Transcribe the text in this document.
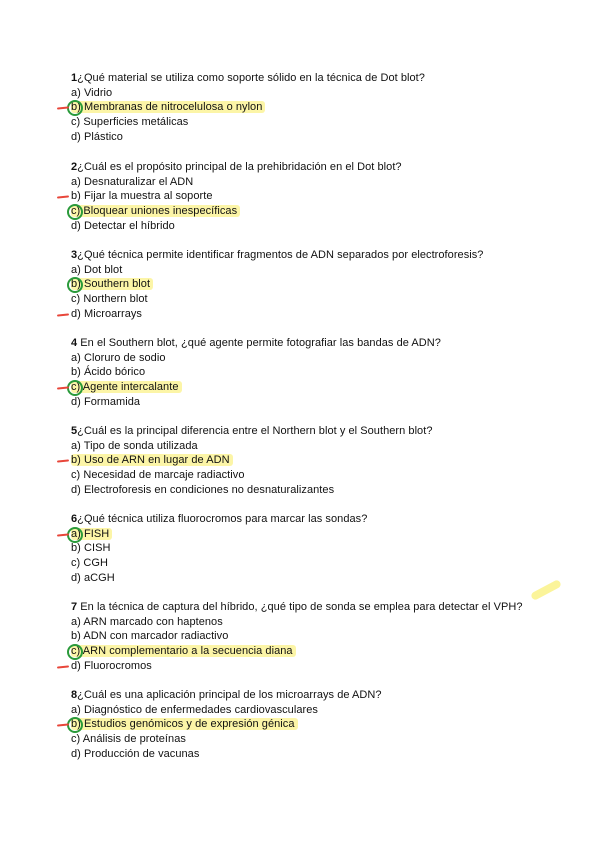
1¿Qué material se utiliza como soporte sólido en la técnica de Dot blot?
a) Vidrio
b) Membranas de nitrocelulosa o nylon
c) Superficies metálicas
d) Plástico
2¿Cuál es el propósito principal de la prehibridación en el Dot blot?
a) Desnaturalizar el ADN
b) Fijar la muestra al soporte
c) Bloquear uniones inespecíficas
d) Detectar el híbrido
3¿Qué técnica permite identificar fragmentos de ADN separados por electroforesis?
a) Dot blot
b) Southern blot
c) Northern blot
d) Microarrays
4 En el Southern blot, ¿qué agente permite fotografiar las bandas de ADN?
a) Cloruro de sodio
b) Ácido bórico
c) Agente intercalante
d) Formamida
5¿Cuál es la principal diferencia entre el Northern blot y el Southern blot?
a) Tipo de sonda utilizada
b) Uso de ARN en lugar de ADN
c) Necesidad de marcaje radiactivo
d) Electroforesis en condiciones no desnaturalizantes
6¿Qué técnica utiliza fluorocromos para marcar las sondas?
a) FISH
b) CISH
c) CGH
d) aCGH
7 En la técnica de captura del híbrido, ¿qué tipo de sonda se emplea para detectar el VPH?
a) ARN marcado con haptenos
b) ADN con marcador radiactivo
c) ARN complementario a la secuencia diana
d) Fluorocromos
8¿Cuál es una aplicación principal de los microarrays de ADN?
a) Diagnóstico de enfermedades cardiovasculares
b) Estudios genómicos y de expresión génica
c) Análisis de proteínas
d) Producción de vacunas
